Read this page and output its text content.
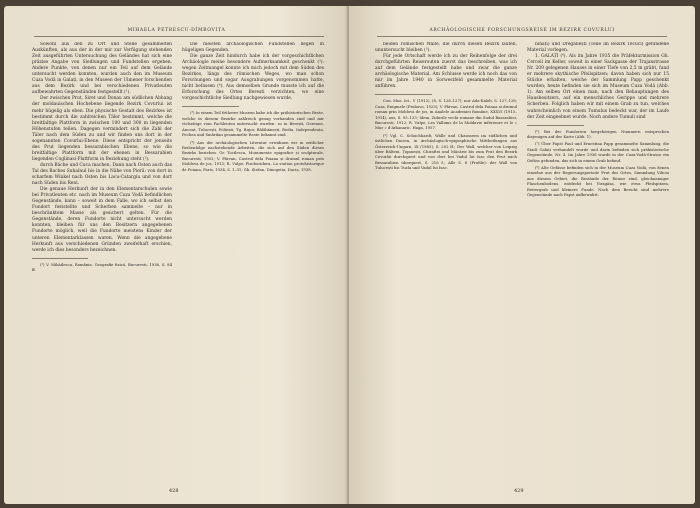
MIHAELA PETRESCU-DÎMBOVIȚA

Sowohl aus den zu Ort und Stelle gesammelten Auskünften, als aus der in der mir zur Verfügung stehenden Zeit ausgeführten Untersuchung des Geländes hat sich eine präzise Angabe von Siedlungen und Fundstellen ergeben. Andere Punkte, von denen nur ein Teil auf dem Gelände untersucht werden konnten, wurden auch den im Museum Cuza Vodă in Galați, in den Museen der Ulmener forschenden aus dem Bezirk und bei verschiedenen Privatleuten aufbewahrten Gegenständen festgestellt (¹).

Der zwischen Prut, Siret und Donau am südlichen Abhang der moldauischen Hochebene liegende Bezirk Covurlui ist mehr hügelig als eben. Die physische Gestalt des Bezirkes ist bestimmt durch die zahlreichen Täler bestimmt, welche die breitfaltige Plattform in zwischen 100 und 300 m liegenden Höhenstufen teilen. Dagegen vermindert sich die Zahl der Täler nach dem Süden zu und wir finden uns dort in der sogenannten Covurlui-Ebene. Diese entspricht der jenseits des Prut liegenden bessarabischen Ebene, so wie die breitfaltige Plattform mit der ebenen in Bessarabien liegenden Coglinasi-Plattform in Beziehung steht (²).

durch Bäche und Cuca machen. Dann nach Osten auch das Tal des Baches Suhalnul bis in die Nähe von Pieră: von dort in scharfem Winkel nach Osten bis Lacu-Catargiu und von dort nach Süden bis Reni.

Die genaue Herkunft der in den Elementarschulen sowie bei Privatleuten etc. nach im Museum Cuza Vodă befindlichen Gegenstände, kann – soweit in dem Falle, wo ich selbst den Fundort feststellte und Scherben sammelte – nur in beschränktem Masse als gesichert gelten. Für die Gegenstände, deren Fundorte nicht untersucht werden konnten, bleiben für uns den Besitzern angegebenen Fundorte möglich, weil die Fundorte meistens Kinder der unteren Elementarklassen waren. Wenn die angegebene Herkunft aus verschiedenen Gründen zweifelhaft erschien, werde ich dies besonders bezeichnen.

(²) V. Mihăilescu, Românie, Geografie fizică, Bucuresti, 1936, S. 84 ff.

Die meisten archäologischen Fundstellen liegen in hügeligen Gegenden.

Die ganze Zeit hindurch habe ich der vorgeschichtlichen Archäologie meine besondere Aufmerksamkeit geschenkt (³): wegen Zeitmangel konnte ich mich jedoch mit dem Süden des Bezirkes, längs des römischen Weges, wo man schon Forschungen und sogar Ausgrabungen vorgenommen hatte, nicht befassen (⁴). Aus demselben Grunde musste ich auf die Erforschung des Ortes Berești verzichten, wo eine vorgeschichtliche Siedlung nachgewiesen wurde.

(³) In einem Teil früherer Museen habe ich die prähistorischen Reste, welche in diesem Bezirke zahlreich genug vorhanden sind und mir vielseitige vom Fachleuten untersucht wurden: so in Berești, Gerenne, Ancent, Tulucești, Folțești, Tg. Bujor, Bălăbănești, Rediu, Independența, Pechea und Smârdan gesammelte Reste bekannt sind.

(⁴) Aus der archäologischen Literatur erwähnen wir in zeitlicher Reihenfolge nachstehende Arbeiten, die sich auf den Süden dieses Bezirks beziehen. Gr. Tocilescu, Monumente epigrafice și sculpturale, Bucuresti, 1902; V. Pârvan, Castrul dela Poiana și drumul roman prin Moldova de jos, 1913; R. Vulpe, Piroboridava, La station protohistorique de Poiana, Paris, 1934, S. 1–31; Gh. Ștefan, Dinogetia, Dacia, 1938.

428
ARCHÄOLOGISCHE FORSCHUNGSREISE IM BEZIRK COVURLUI

beiden römischen Wälle, die durch diesen Bezirk laufen, ununtersucht bleiben (⁵).

Für jede Ortschaft werde ich zu der Reihenfolge der drei durchgeführten Reiserouten zuerst das beschreiben, was ich auf dem Gelände festgestellt habe und zwar die ganze archäologische Material. Am Schlusse werde ich noch das von mir im Jahre 1940 in Sorwestfeld gesammelte Material anführen.

Con. Mus. Ist., V (1912), (8, S. 126–127); nur Ada-Kaleh, S. 127–128; Cuza, Enigmele (Prahova, 1925); V. Pârvan, Castrul dela Poiana și drumul roman prin Moldova de jos, in Analele Academiei Române, XXXVI (1913–1914), aus, S. 93–133; Idem, Zidurile vechi romane din Sudul Basarabiei, Bucuresti, 1912; R. Vulpe, Les Vallums de la Moldavie inférieure et le « Mur » d'Athanaric, Haga, 1957.

(⁵) Vgl. C. Schuchhardt, Wälle und Chausseen im südlichen und östlichen Dacien, in Archäologisch-epigraphische Mittheilungen aus Österreich-Ungarn, IX (1885), S. 202 ff.; Der Wall, welcher von Leipzig über Bălteni, Țiganești, Chiraftei und Măcărie bis zum Prut den Bezirk Covurlui durchquert und von dort bei Vadul lui Isac den Prut nach Bessarabien überquert, S. 216 f.; Alle S. 8 (Profile): der Wall von Tulucești bis Tuzla und Vadul lui Isac.

binați) und Dregănești (Teile im Bezirk Tecuci) gefundene Material vorlegen.

1. GALAȚI (⁶). Als im Jahre 1935 die Präfekturmission Gh. Cerceil im Keller, soweit in einer Sackgasse der Trajanstrasse Nr. 209 gelegenen Hauses in einer Tiefe von 2,5 m gräbt, fand er mehrere skythische Pfeilspitzen; davon haben sich nur 15 Stücke erhalten, welche der Sammlung Papp geschenkt wurden; heute befinden sie sich im Museum Cuza Vodă (Abb. 1). Am selben Ort einen man, nach den Behauptungen des Hausbesitzers, auf ein menschliches Gerippe und mehrere Scherben. Folglich haben wir mit einem Grab zu tun, welches wahrscheinlich von einem Tumulus bedeckt war, der im Laufe der Zeit eingeebnet wurde. Noch andere Tumuli sind

(⁶) Bei der Fundorten hergehörigen Nummern entsprechen diejenigen auf der Karte (Abb. 1).

(⁷) Über Papst Paul und Ernestina Papp gesammelte Sammlung, die Stadt Galați verhandelt wurde und darin befinden sich prähistorische Gegenstände, Nr. 4. Im Jahre 1936 wurde in der Cuza-Vodă-Strasse ein Gefäss gefunden, das sich in einem Grab befand.

(⁸) Alte Gefässe befinden sich in der Museum Cuza Vodă, von denen einzelne aus der Regierungsperiode Prut des Ortes, Sammlung Viliciu aus diesem Gebiet, die Bestände der Römer sind, gleichnamiger Flaschenbodens, entdeckt bei Viragăsa, wie etwa Pfeilspitzen, Reitergrab und kleinere Funde. Nach dem Bericht sind mehrere Gegenstände nach Papst aufbewahrt.

429
